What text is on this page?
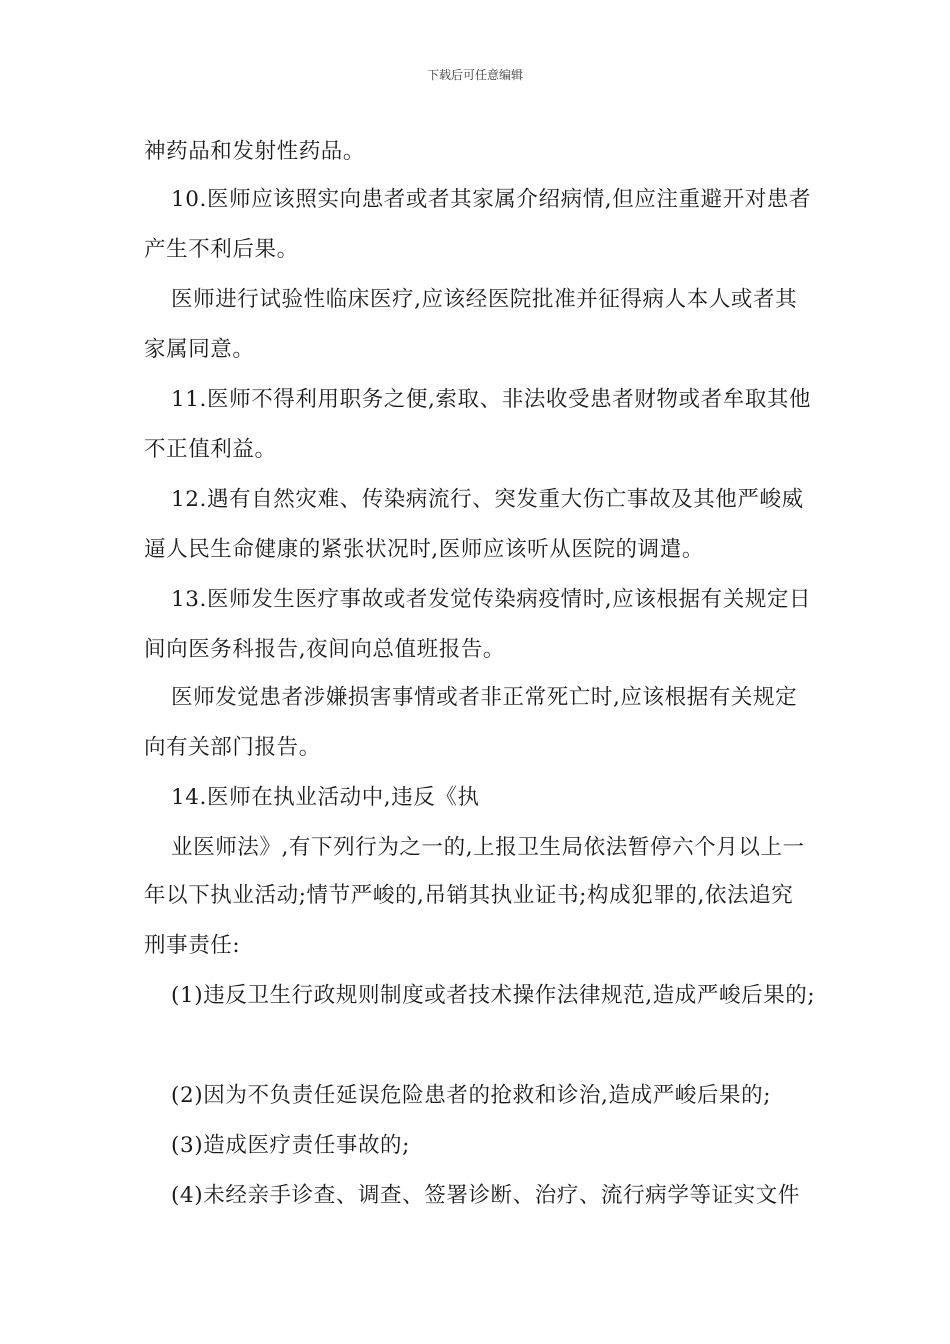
下载后可任意编辑
神药品和发射性药品。
10.医师应该照实向患者或者其家属介绍病情,但应注重避开对患者
产生不利后果。
医师进行试验性临床医疗,应该经医院批准并征得病人本人或者其
家属同意。
11.医师不得利用职务之便,索取、非法收受患者财物或者牟取其他
不正值利益。
12.遇有自然灾难、传染病流行、突发重大伤亡事故及其他严峻威
逼人民生命健康的紧张状况时,医师应该听从医院的调遣。
13.医师发生医疗事故或者发觉传染病疫情时,应该根据有关规定日
间向医务科报告,夜间向总值班报告。
医师发觉患者涉嫌损害事情或者非正常死亡时,应该根据有关规定
向有关部门报告。
14.医师在执业活动中,违反《执
业医师法》,有下列行为之一的,上报卫生局依法暂停六个月以上一
年以下执业活动;情节严峻的,吊销其执业证书;构成犯罪的,依法追究
刑事责任:
(1)违反卫生行政规则制度或者技术操作法律规范,造成严峻后果的;
(2)因为不负责任延误危险患者的抢救和诊治,造成严峻后果的;
(3)造成医疗责任事故的;
(4)未经亲手诊查、调查、签署诊断、治疗、流行病学等证实文件
